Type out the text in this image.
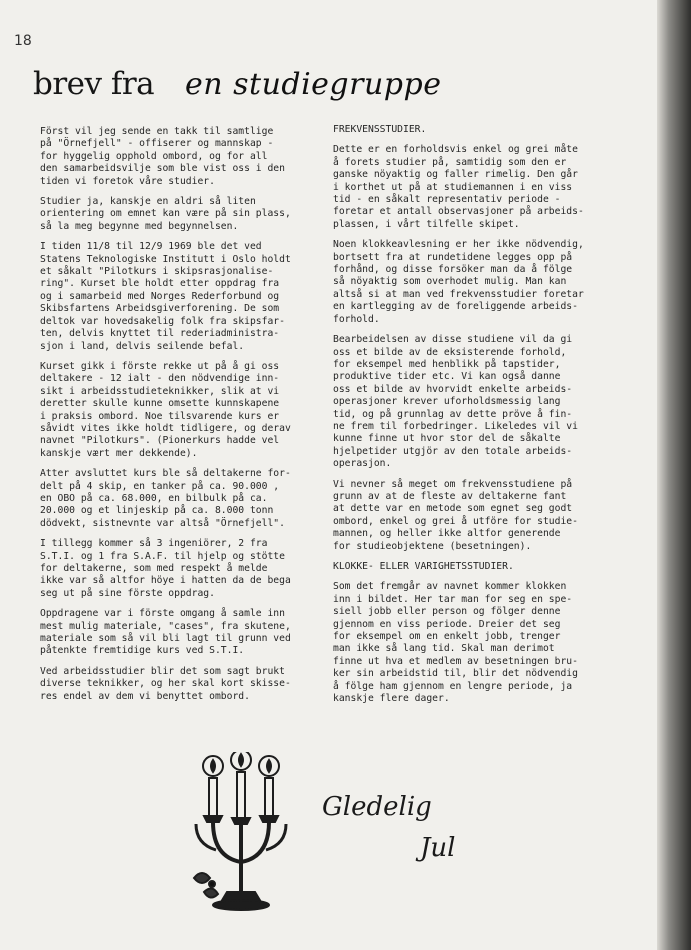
18
brev fra en studiegruppe

Först vil jeg sende en takk til samtlige
på "Örnefjell" - offiserer og mannskap -
for hyggelig opphold ombord, og for all
den samarbeidsvilje som ble vist oss i den
tiden vi foretok våre studier.

Studier ja, kanskje en aldri så liten
orientering om emnet kan være på sin plass,
så la meg begynne med begynnelsen.

I tiden 11/8 til 12/9 1969 ble det ved
Statens Teknologiske Institutt i Oslo holdt
et såkalt "Pilotkurs i skipsrasjonalise-
ring". Kurset ble holdt etter oppdrag fra
og i samarbeid med Norges Rederforbund og
Skibsfartens Arbeidsgiverforening. De som
deltok var hovedsakelig folk fra skipsfar-
ten, delvis knyttet til rederiadministra-
sjon i land, delvis seilende befal.

Kurset gikk i förste rekke ut på å gi oss
deltakere - 12 ialt - den nödvendige inn-
sikt i arbeidsstudieteknikker, slik at vi
deretter skulle kunne omsette kunnskapene
i praksis ombord. Noe tilsvarende kurs er
såvidt vites ikke holdt tidligere, og derav
navnet "Pilotkurs". (Pionerkurs hadde vel
kanskje vært mer dekkende).

Atter avsluttet kurs ble så deltakerne for-
delt på 4 skip, en tanker på ca. 90.000 ,
en OBO på ca. 68.000, en bilbulk på ca.
20.000 og et linjeskip på ca. 8.000 tonn
dödvekt, sistnevnte var altså "Örnefjell".

I tillegg kommer så 3 ingeniörer, 2 fra
S.T.I. og 1 fra S.A.F. til hjelp og stötte
for deltakerne, som med respekt å melde
ikke var så altfor höye i hatten da de bega
seg ut på sine förste oppdrag.

Oppdragene var i förste omgang å samle inn
mest mulig materiale, "cases", fra skutene,
materiale som så vil bli lagt til grunn ved
påtenkte fremtidige kurs ved S.T.I.

Ved arbeidsstudier blir det som sagt brukt
diverse teknikker, og her skal kort skisse-
res endel av dem vi benyttet ombord.

FREKVENSSTUDIER.

Dette er en forholdsvis enkel og grei måte
å forets studier på, samtidig som den er
ganske nöyaktig og faller rimelig. Den går
i korthet ut på at studiemannen i en viss
tid - en såkalt representativ periode -
foretar et antall observasjoner på arbeids-
plassen, i vårt tilfelle skipet.

Noen klokkeavlesning er her ikke nödvendig,
bortsett fra at rundetidene legges opp på
forhånd, og disse forsöker man da å fölge
så nöyaktig som overhodet mulig. Man kan
altså si at man ved frekvensstudier foretar
en kartlegging av de foreliggende arbeids-
forhold.

Bearbeidelsen av disse studiene vil da gi
oss et bilde av de eksisterende forhold,
for eksempel med henblikk på tapstider,
produktive tider etc. Vi kan også danne
oss et bilde av hvorvidt enkelte arbeids-
operasjoner krever uforholdsmessig lang
tid, og på grunnlag av dette pröve å fin-
ne frem til forbedringer. Likeledes vil vi
kunne finne ut hvor stor del de såkalte
hjelpetider utgjör av den totale arbeids-
operasjon.

Vi nevner så meget om frekvensstudiene på
grunn av at de fleste av deltakerne fant
at dette var en metode som egnet seg godt
ombord, enkel og grei å utföre for studie-
mannen, og heller ikke altfor generende
for studieobjektene (besetningen).

KLOKKE- ELLER VARIGHETSSTUDIER.

Som det fremgår av navnet kommer klokken
inn i bildet. Her tar man for seg en spe-
siell jobb eller person og fölger denne
gjennom en viss periode. Dreier det seg
for eksempel om en enkelt jobb, trenger
man ikke så lang tid. Skal man derimot
finne ut hva et medlem av besetningen bru-
ker sin arbeidstid til, blir det nödvendig
å fölge ham gjennom en lengre periode, ja
kanskje flere dager.

Gledelig
Jul
